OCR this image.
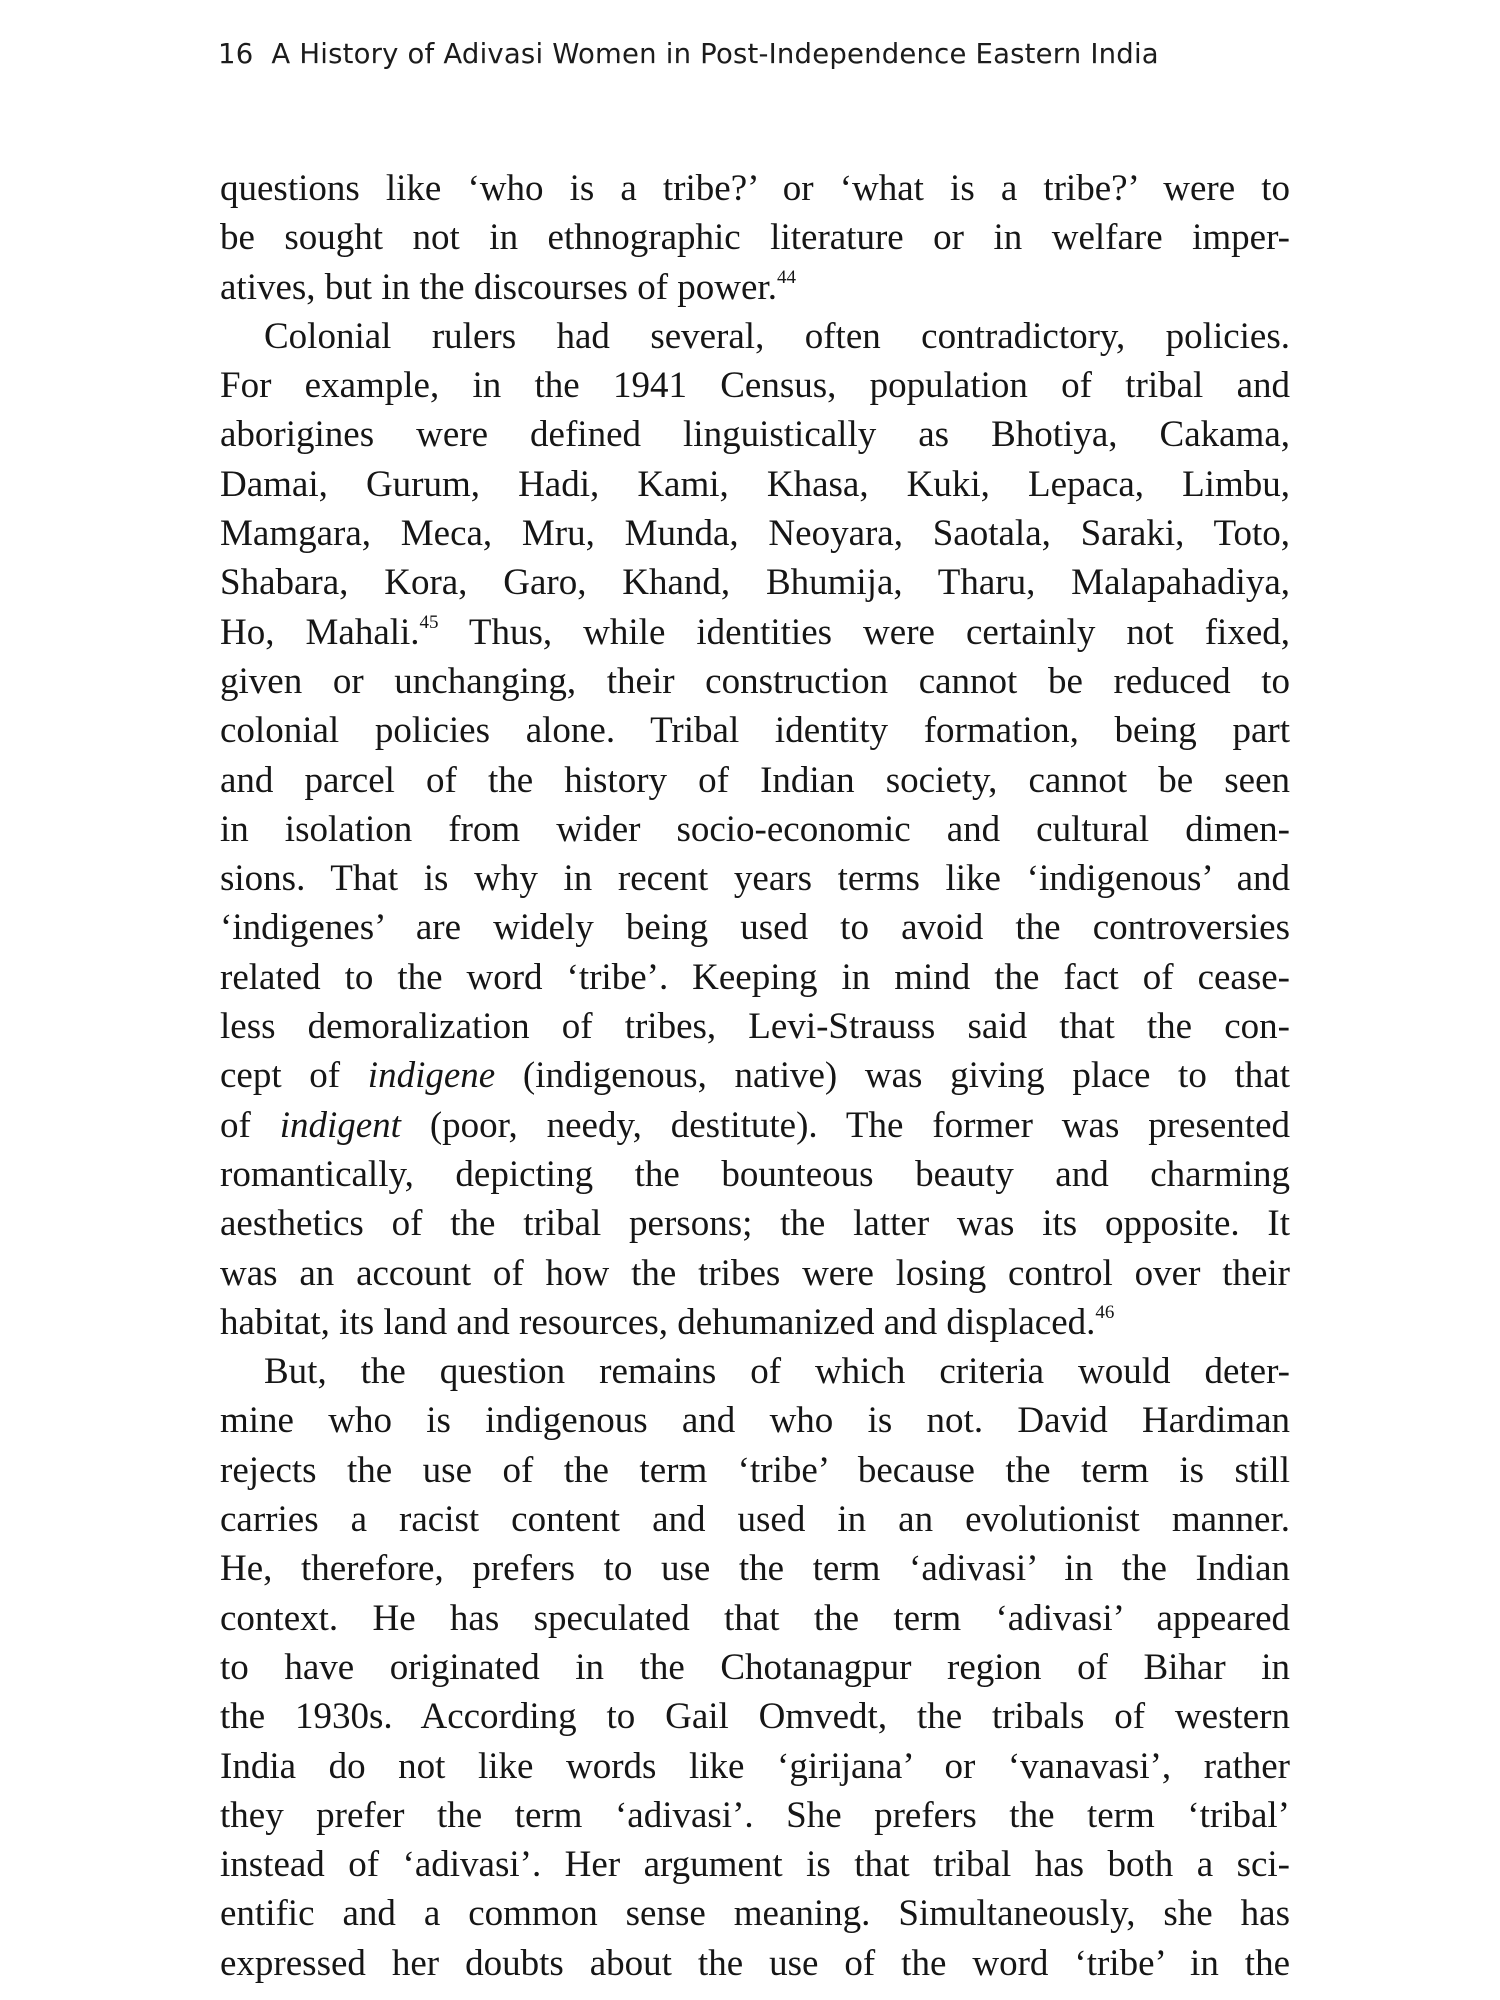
16 A History of Adivasi Women in Post-Independence Eastern India
questions like ‘who is a tribe?’ or ‘what is a tribe?’ were to
be sought not in ethnographic literature or in welfare imper-
atives, but in the discourses of power.$^{44}$
Colonial rulers had several, often contradictory, policies.
For example, in the 1941 Census, population of tribal and
aborigines were defined linguistically as Bhotiya, Cakama,
Damai, Gurum, Hadi, Kami, Khasa, Kuki, Lepaca, Limbu,
Mamgara, Meca, Mru, Munda, Neoyara, Saotala, Saraki, Toto,
Shabara, Kora, Garo, Khand, Bhumija, Tharu, Malapahadiya,
Ho, Mahali.$^{45}$ Thus, while identities were certainly not fixed,
given or unchanging, their construction cannot be reduced to
colonial policies alone. Tribal identity formation, being part
and parcel of the history of Indian society, cannot be seen
in isolation from wider socio-economic and cultural dimen-
sions. That is why in recent years terms like ‘indigenous’ and
‘indigenes’ are widely being used to avoid the controversies
related to the word ‘tribe’. Keeping in mind the fact of cease-
less demoralization of tribes, Levi-Strauss said that the con-
cept of indigene (indigenous, native) was giving place to that
of indigent (poor, needy, destitute). The former was presented
romantically, depicting the bounteous beauty and charming
aesthetics of the tribal persons; the latter was its opposite. It
was an account of how the tribes were losing control over their
habitat, its land and resources, dehumanized and displaced.$^{46}$
But, the question remains of which criteria would deter-
mine who is indigenous and who is not. David Hardiman
rejects the use of the term ‘tribe’ because the term is still
carries a racist content and used in an evolutionist manner.
He, therefore, prefers to use the term ‘adivasi’ in the Indian
context. He has speculated that the term ‘adivasi’ appeared
to have originated in the Chotanagpur region of Bihar in
the 1930s. According to Gail Omvedt, the tribals of western
India do not like words like ‘girijana’ or ‘vanavasi’, rather
they prefer the term ‘adivasi’. She prefers the term ‘tribal’
instead of ‘adivasi’. Her argument is that tribal has both a sci-
entific and a common sense meaning. Simultaneously, she has
expressed her doubts about the use of the word ‘tribe’ in the
